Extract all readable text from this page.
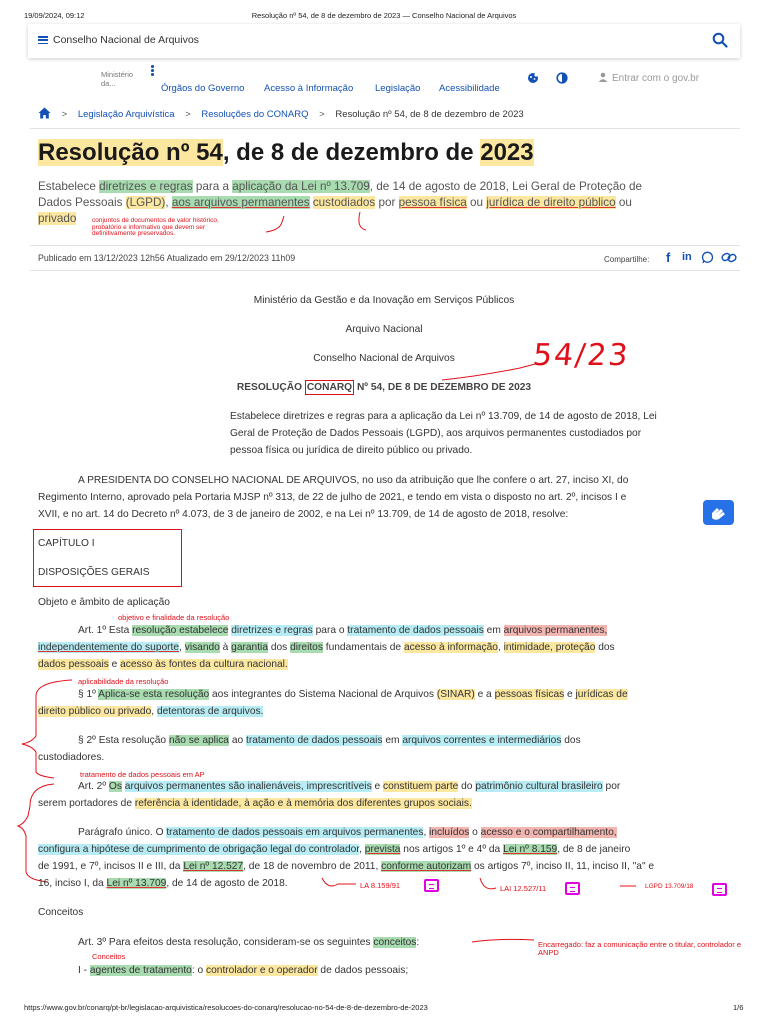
19/09/2024, 09:12	Resolução nº 54, de 8 de dezembro de 2023 — Conselho Nacional de Arquivos
Conselho Nacional de Arquivos
Ministério
da...	Órgãos do Governo Acesso à Informação Legislação Acessibilidade
Entrar com o gov.br
> Legislação Arquivística > Resoluções do CONARQ > Resolução nº 54, de 8 de dezembro de 2023
Resolução nº 54, de 8 de dezembro de 2023
Estabelece diretrizes e regras para a aplicação da Lei nº 13.709, de 14 de agosto de 2018, Lei Geral de Proteção de
Dados Pessoais (LGPD), aos arquivos permanentes custodiados por pessoa física ou jurídica de direito público ou
privado	conjuntos de documentos de valor histórico, probatório e informativo que devem ser definitivamente preservados.
Publicado em 13/12/2023 12h56 Atualizado em 29/12/2023 11h09	Compartilhe: f in
Ministério da Gestão e da Inovação em Serviços Públicos
Arquivo Nacional
Conselho Nacional de Arquivos	54/23
RESOLUÇÃO CONARQ Nº 54, DE 8 DE DEZEMBRO DE 2023
Estabelece diretrizes e regras para a aplicação da Lei nº 13.709, de 14 de agosto de 2018, Lei
Geral de Proteção de Dados Pessoais (LGPD), aos arquivos permanentes custodiados por
pessoa física ou jurídica de direito público ou privado.
A PRESIDENTA DO CONSELHO NACIONAL DE ARQUIVOS, no uso da atribuição que lhe confere o art. 27, inciso XI, do
Regimento Interno, aprovado pela Portaria MJSP nº 313, de 22 de julho de 2021, e tendo em vista o disposto no art. 2º, incisos I e
XVII, e no art. 14 do Decreto nº 4.073, de 3 de janeiro de 2002, e na Lei nº 13.709, de 14 de agosto de 2018, resolve:
CAPÍTULO I
DISPOSIÇÕES GERAIS
Objeto e âmbito de aplicação
objetivo e finalidade da resolução
Art. 1º Esta resolução estabelece diretrizes e regras para o tratamento de dados pessoais em arquivos permanentes,
independentemente do suporte, visando à garantia dos direitos fundamentais de acesso à informação, intimidade, proteção dos
dados pessoais e acesso às fontes da cultura nacional.
aplicabilidade da resolução
§ 1º Aplica-se esta resolução aos integrantes do Sistema Nacional de Arquivos (SINAR) e a pessoas físicas e jurídicas de
direito público ou privado, detentoras de arquivos.
§ 2º Esta resolução não se aplica ao tratamento de dados pessoais em arquivos correntes e intermediários dos
custodiadores.
tratamento de dados pessoais em AP
Art. 2º Os arquivos permanentes são inalienáveis, imprescritíveis e constituem parte do patrimônio cultural brasileiro por
serem portadores de referência à identidade, à ação e à memória dos diferentes grupos sociais.
Parágrafo único. O tratamento de dados pessoais em arquivos permanentes, incluídos o acesso e o compartilhamento,
configura a hipótese de cumprimento de obrigação legal do controlador, prevista nos artigos 1º e 4º da Lei nº 8.159, de 8 de janeiro
de 1991, e 7º, incisos II e III, da Lei nº 12.527, de 18 de novembro de 2011, conforme autorizam os artigos 7º, inciso II, 11, inciso II, "a" e
16, inciso I, da Lei nº 13.709, de 14 de agosto de 2018.	LA 8.159/91	LAI 12.527/11	LGPD 13.709/18
Conceitos
Art. 3º Para efeitos desta resolução, consideram-se os seguintes conceitos:	Encarregado: faz a comunicação entre o titular, controlador e ANPD
Conceitos
I - agentes de tratamento: o controlador e o operador de dados pessoais;
https://www.gov.br/conarq/pt-br/legislacao-arquivistica/resolucoes-do-conarq/resolucao-no-54-de-8-de-dezembro-de-2023	1/6
